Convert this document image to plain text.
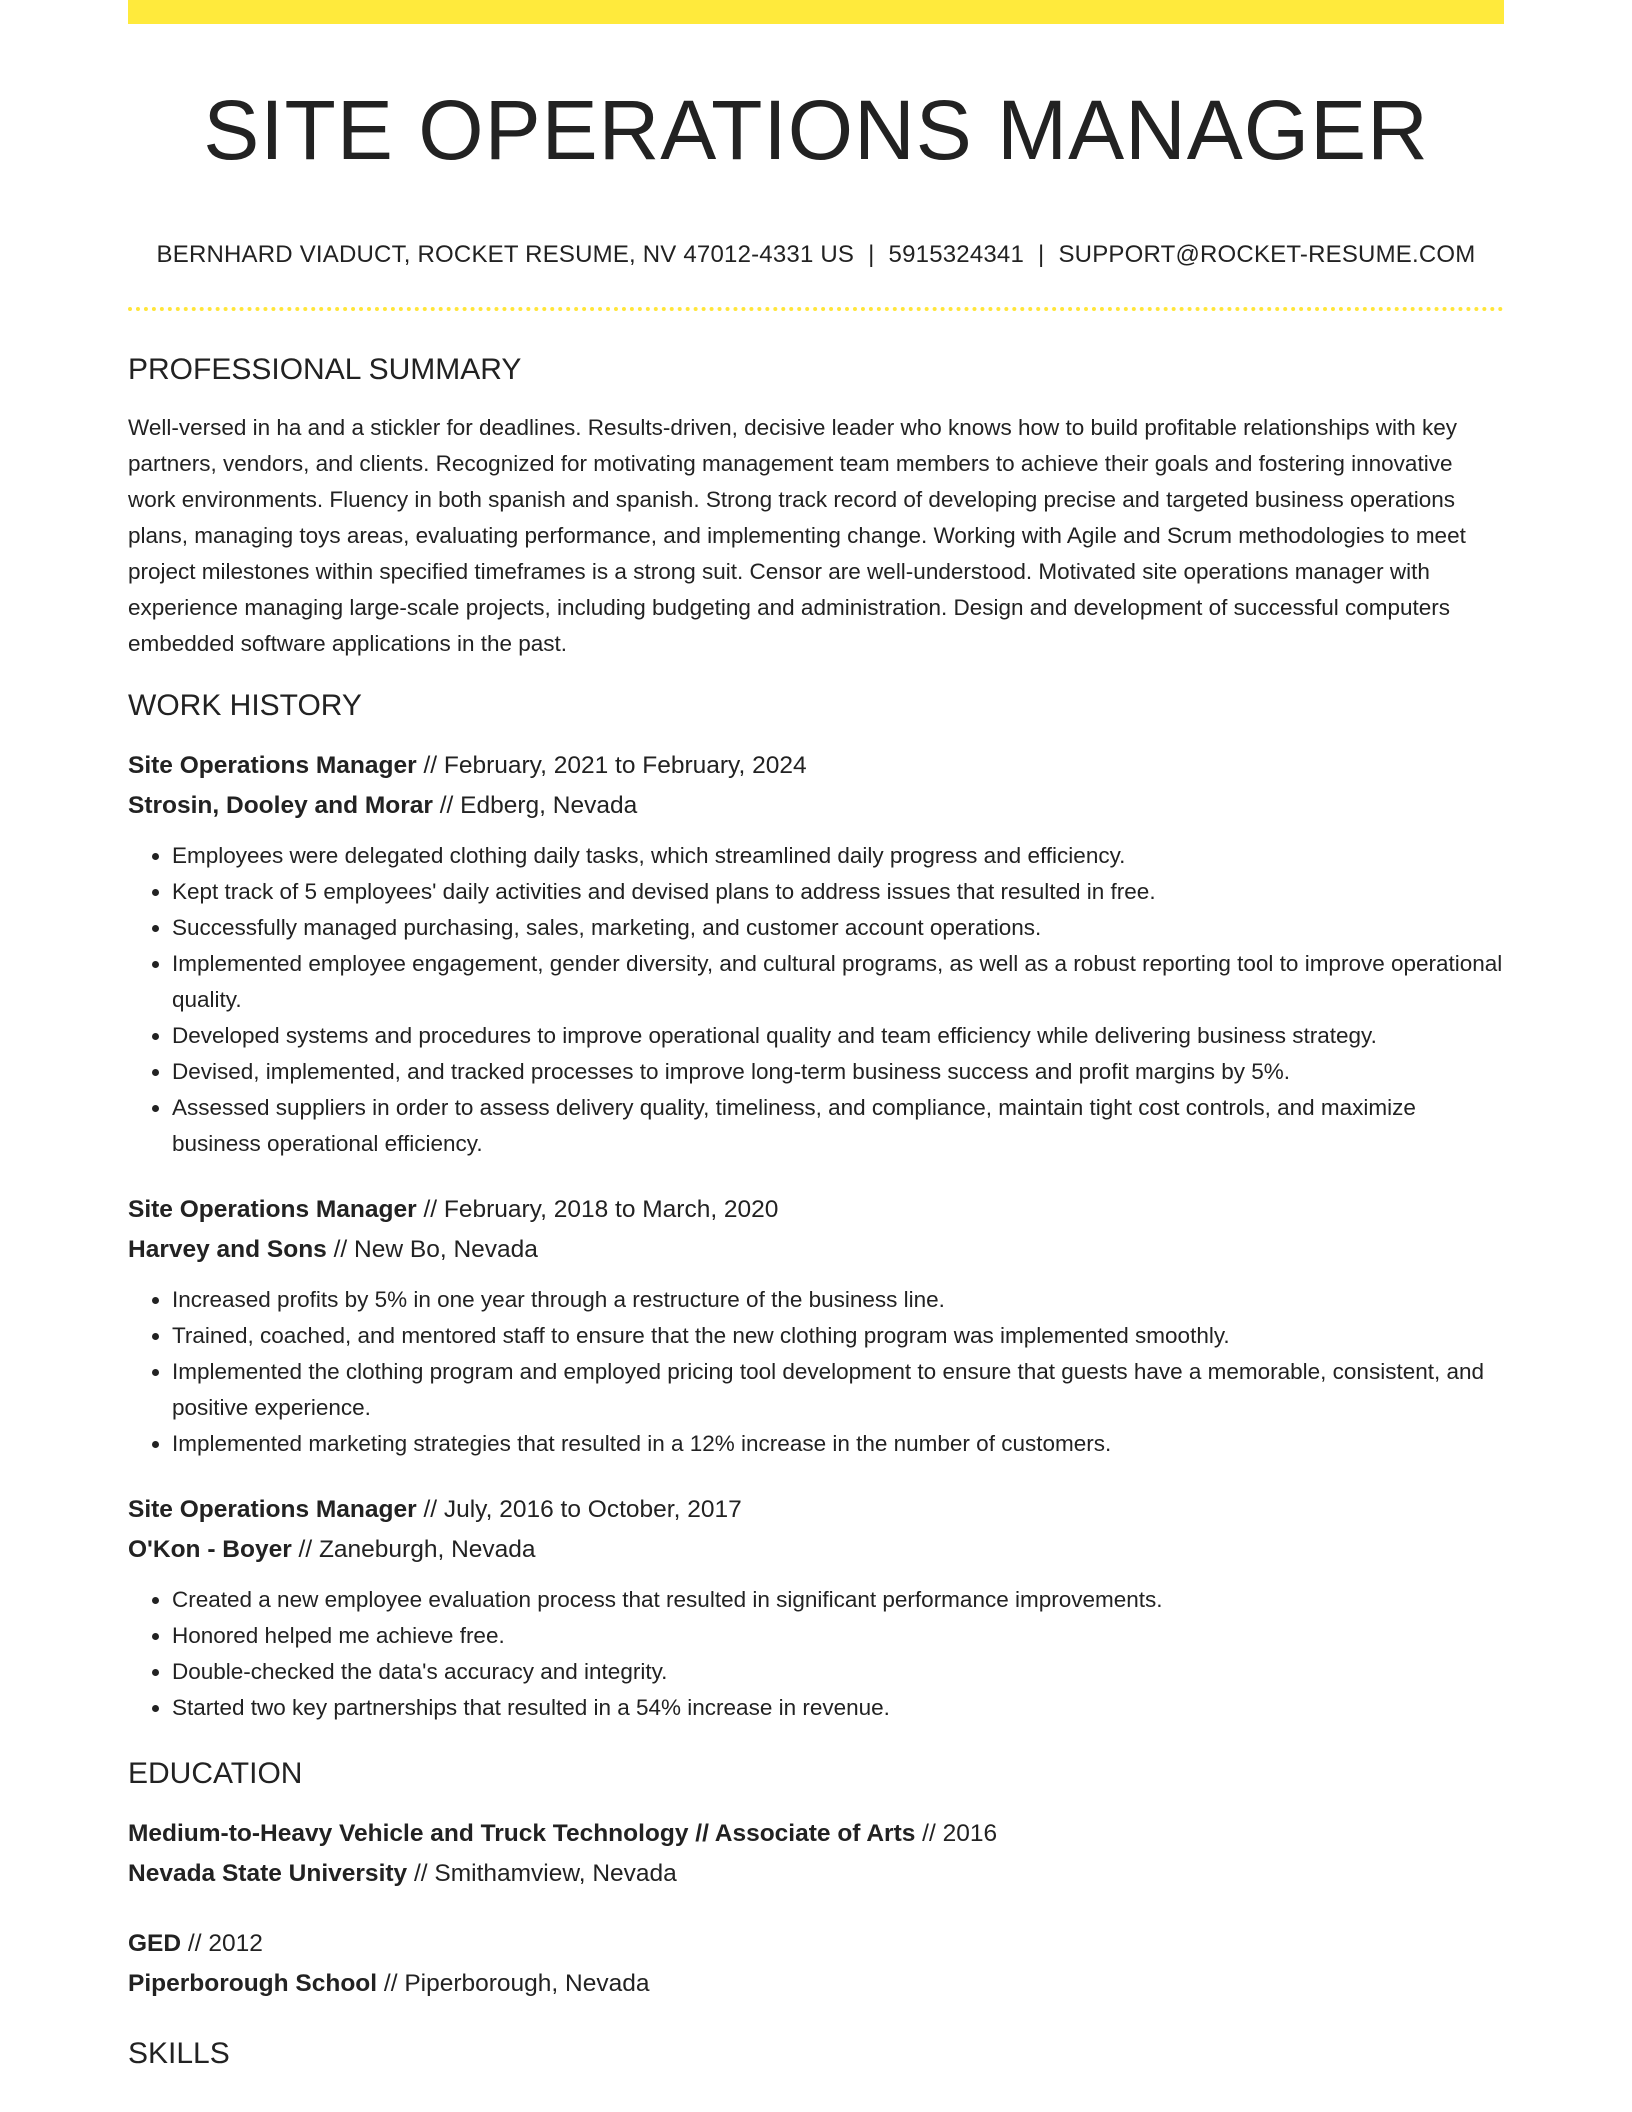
SITE OPERATIONS MANAGER
BERNHARD VIADUCT, ROCKET RESUME, NV 47012-4331 US | 5915324341 | SUPPORT@ROCKET-RESUME.COM
PROFESSIONAL SUMMARY

Well-versed in ha and a stickler for deadlines. Results-driven, decisive leader who knows how to build profitable relationships with key partners, vendors, and clients. Recognized for motivating management team members to achieve their goals and fostering innovative work environments. Fluency in both spanish and spanish. Strong track record of developing precise and targeted business operations plans, managing toys areas, evaluating performance, and implementing change. Working with Agile and Scrum methodologies to meet project milestones within specified timeframes is a strong suit. Censor are well-understood. Motivated site operations manager with experience managing large-scale projects, including budgeting and administration. Design and development of successful computers embedded software applications in the past.

WORK HISTORY

Site Operations Manager // February, 2021 to February, 2024

Strosin, Dooley and Morar // Edberg, Nevada

• Employees were delegated clothing daily tasks, which streamlined daily progress and efficiency.
• Kept track of 5 employees' daily activities and devised plans to address issues that resulted in free.
• Successfully managed purchasing, sales, marketing, and customer account operations.
• Implemented employee engagement, gender diversity, and cultural programs, as well as a robust reporting tool to improve operational quality.
• Developed systems and procedures to improve operational quality and team efficiency while delivering business strategy.
• Devised, implemented, and tracked processes to improve long-term business success and profit margins by 5%.
• Assessed suppliers in order to assess delivery quality, timeliness, and compliance, maintain tight cost controls, and maximize business operational efficiency.

Site Operations Manager // February, 2018 to March, 2020

Harvey and Sons // New Bo, Nevada

• Increased profits by 5% in one year through a restructure of the business line.
• Trained, coached, and mentored staff to ensure that the new clothing program was implemented smoothly.
• Implemented the clothing program and employed pricing tool development to ensure that guests have a memorable, consistent, and positive experience.
• Implemented marketing strategies that resulted in a 12% increase in the number of customers.

Site Operations Manager // July, 2016 to October, 2017

O'Kon - Boyer // Zaneburgh, Nevada

• Created a new employee evaluation process that resulted in significant performance improvements.
• Honored helped me achieve free.
• Double-checked the data's accuracy and integrity.
• Started two key partnerships that resulted in a 54% increase in revenue.
EDUCATION

Medium-to-Heavy Vehicle and Truck Technology // Associate of Arts // 2016

Nevada State University // Smithamview, Nevada

GED // 2012

Piperborough School // Piperborough, Nevada

SKILLS
